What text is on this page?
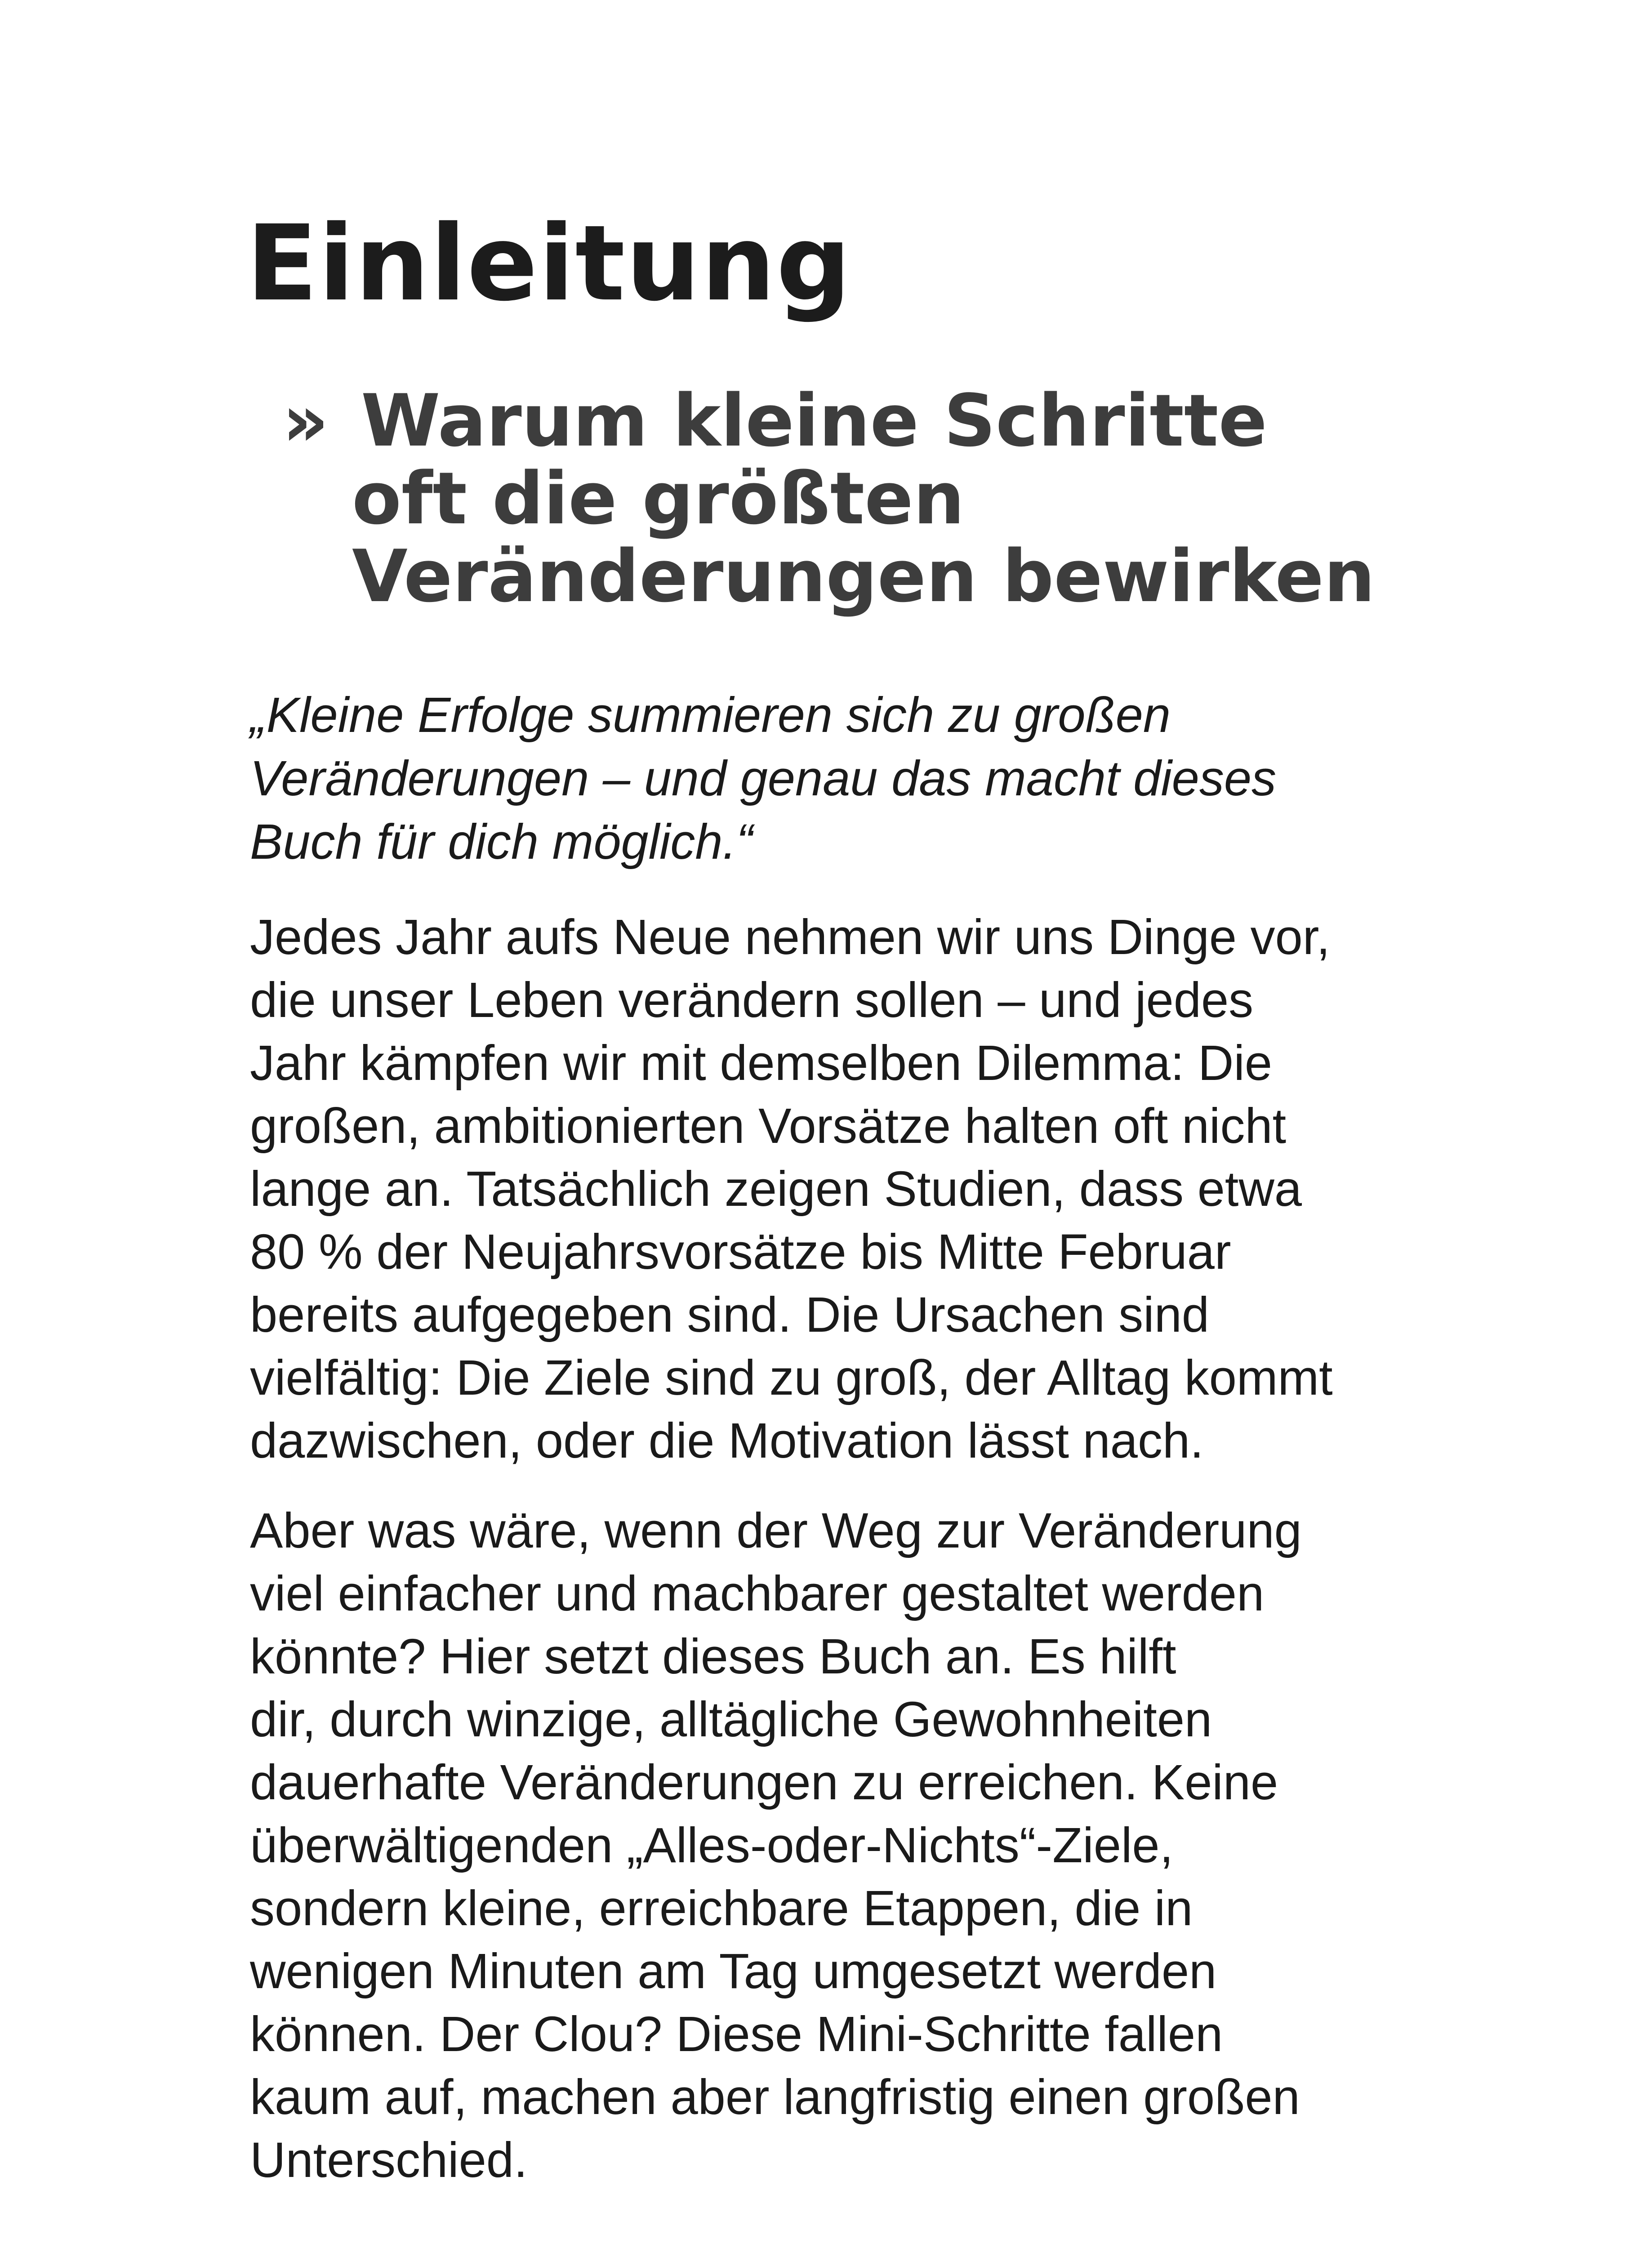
Einleitung
» Warum kleine Schritte
oft die größten
Veränderungen bewirken

„Kleine Erfolge summieren sich zu großen
Veränderungen – und genau das macht dieses
Buch für dich möglich.“

Jedes Jahr aufs Neue nehmen wir uns Dinge vor,
die unser Leben verändern sollen – und jedes
Jahr kämpfen wir mit demselben Dilemma: Die
großen, ambitionierten Vorsätze halten oft nicht
lange an. Tatsächlich zeigen Studien, dass etwa
80 % der Neujahrsvorsätze bis Mitte Februar
bereits aufgegeben sind. Die Ursachen sind
vielfältig: Die Ziele sind zu groß, der Alltag kommt
dazwischen, oder die Motivation lässt nach.

Aber was wäre, wenn der Weg zur Veränderung
viel einfacher und machbarer gestaltet werden
könnte? Hier setzt dieses Buch an. Es hilft
dir, durch winzige, alltägliche Gewohnheiten
dauerhafte Veränderungen zu erreichen. Keine
überwältigenden „Alles-oder-Nichts“-Ziele,
sondern kleine, erreichbare Etappen, die in
wenigen Minuten am Tag umgesetzt werden
können. Der Clou? Diese Mini-Schritte fallen
kaum auf, machen aber langfristig einen großen
Unterschied.
